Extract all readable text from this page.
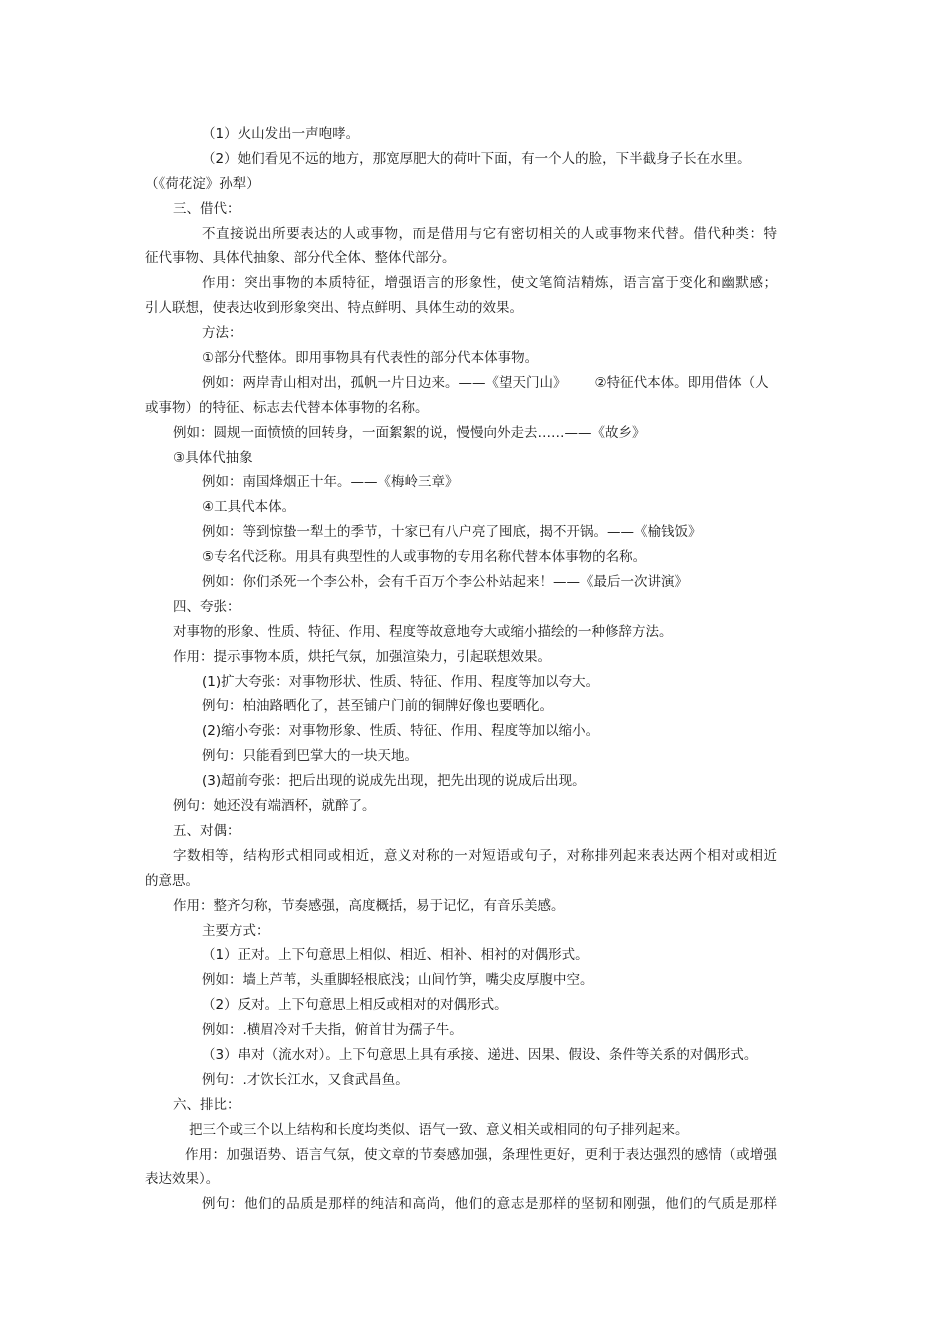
（1）火山发出一声咆哮。
（2）她们看见不远的地方，那宽厚肥大的荷叶下面，有一个人的脸，下半截身子长在水里。
（《荷花淀》孙犁）
三、借代：
不直接说出所要表达的人或事物，而是借用与它有密切相关的人或事物来代替。借代种类：特
征代事物、具体代抽象、部分代全体、整体代部分。
作用：突出事物的本质特征，增强语言的形象性，使文笔简洁精炼，语言富于变化和幽默感；
引人联想，使表达收到形象突出、特点鲜明、具体生动的效果。
方法：
①部分代整体。即用事物具有代表性的部分代本体事物。
例如：两岸青山相对出，孤帆一片日边来。——《望天门山》 ②特征代本体。即用借体（人
或事物）的特征、标志去代替本体事物的名称。
例如：圆规一面愤愤的回转身，一面絮絮的说，慢慢向外走去……——《故乡》
③具体代抽象
例如：南国烽烟正十年。——《梅岭三章》
④工具代本体。
例如：等到惊蛰一犁土的季节，十家已有八户亮了囤底，揭不开锅。——《榆钱饭》
⑤专名代泛称。用具有典型性的人或事物的专用名称代替本体事物的名称。
例如：你们杀死一个李公朴，会有千百万个李公朴站起来！——《最后一次讲演》
四、夸张：
对事物的形象、性质、特征、作用、程度等故意地夸大或缩小描绘的一种修辞方法。
作用：提示事物本质，烘托气氛，加强渲染力，引起联想效果。
(1)扩大夸张：对事物形状、性质、特征、作用、程度等加以夸大。
例句：柏油路晒化了，甚至铺户门前的铜牌好像也要晒化。
(2)缩小夸张：对事物形象、性质、特征、作用、程度等加以缩小。
例句：只能看到巴掌大的一块天地。
(3)超前夸张：把后出现的说成先出现，把先出现的说成后出现。
例句：她还没有端酒杯，就醉了。
五、对偶：
字数相等，结构形式相同或相近，意义对称的一对短语或句子，对称排列起来表达两个相对或相近
的意思。
作用：整齐匀称，节奏感强，高度概括，易于记忆，有音乐美感。
主要方式：
（1）正对。上下句意思上相似、相近、相补、相衬的对偶形式。
例如：墙上芦苇，头重脚轻根底浅；山间竹笋，嘴尖皮厚腹中空。
（2）反对。上下句意思上相反或相对的对偶形式。
例如：.横眉冷对千夫指，俯首甘为孺子牛。
（3）串对（流水对）。上下句意思上具有承接、递进、因果、假设、条件等关系的对偶形式。
例句：.才饮长江水，又食武昌鱼。
六、排比：
把三个或三个以上结构和长度均类似、语气一致、意义相关或相同的句子排列起来。
作用：加强语势、语言气氛，使文章的节奏感加强，条理性更好，更利于表达强烈的感情（或增强
表达效果）。
例句：他们的品质是那样的纯洁和高尚，他们的意志是那样的坚韧和刚强，他们的气质是那样
